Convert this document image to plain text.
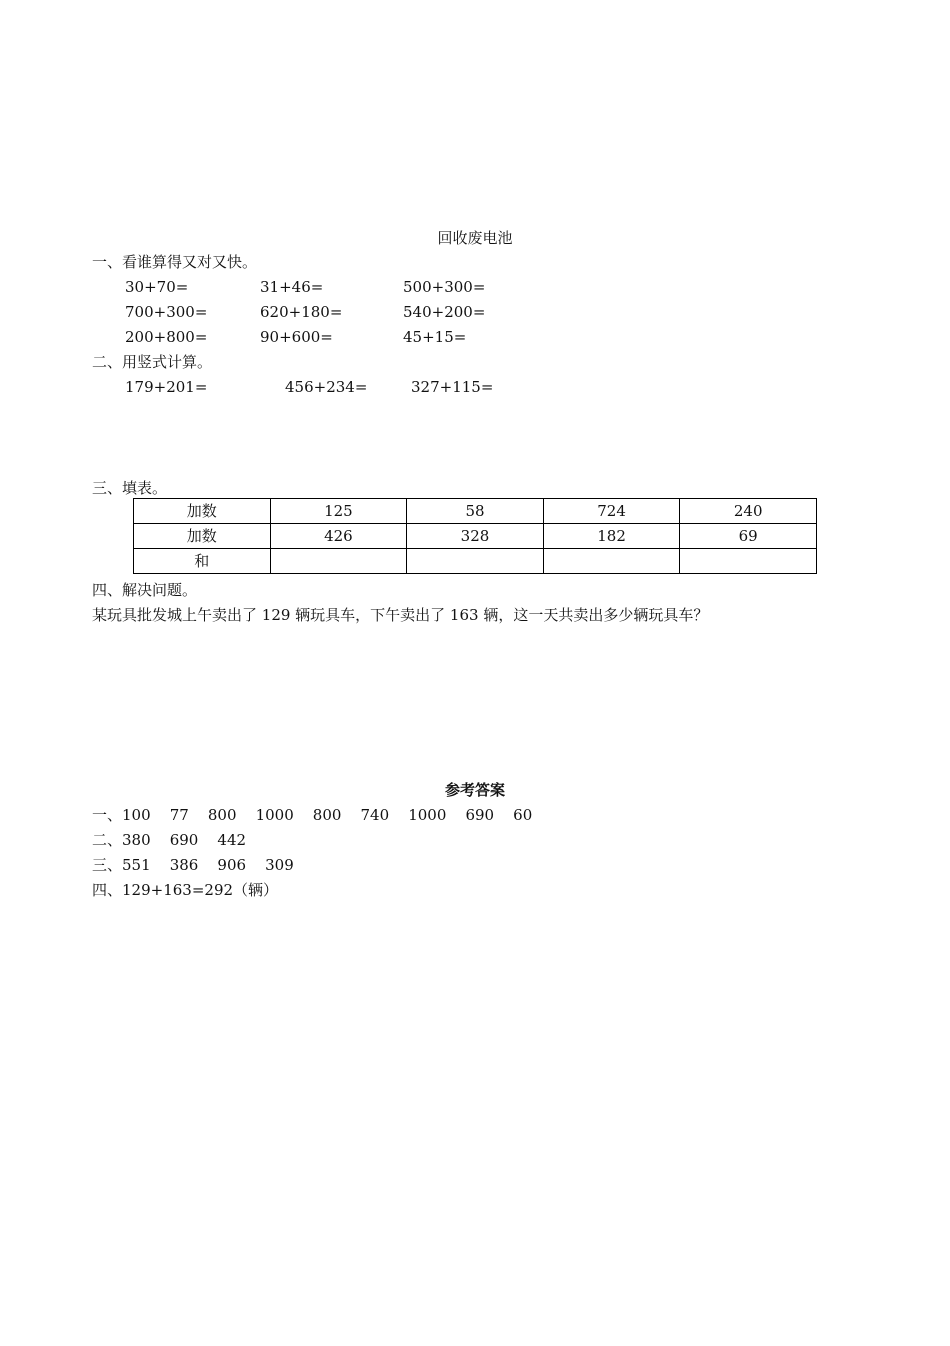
回收废电池
一、看谁算得又对又快。
30+70=	31+46=	500+300=
700+300=	620+180=	540+200=
200+800=	90+600=	45+15=
二、用竖式计算。
179+201=	456+234=	327+115=
三、填表。
加数	125	58	724	240
加数	426	328	182	69
和				
四、解决问题。
某玩具批发城上午卖出了 129 辆玩具车，下午卖出了 163 辆，这一天共卖出多少辆玩具车？
参考答案
一、100    77    800    1000    800    740    1000    690    60
二、380    690    442
三、551    386    906    309
四、129+163=292（辆）
